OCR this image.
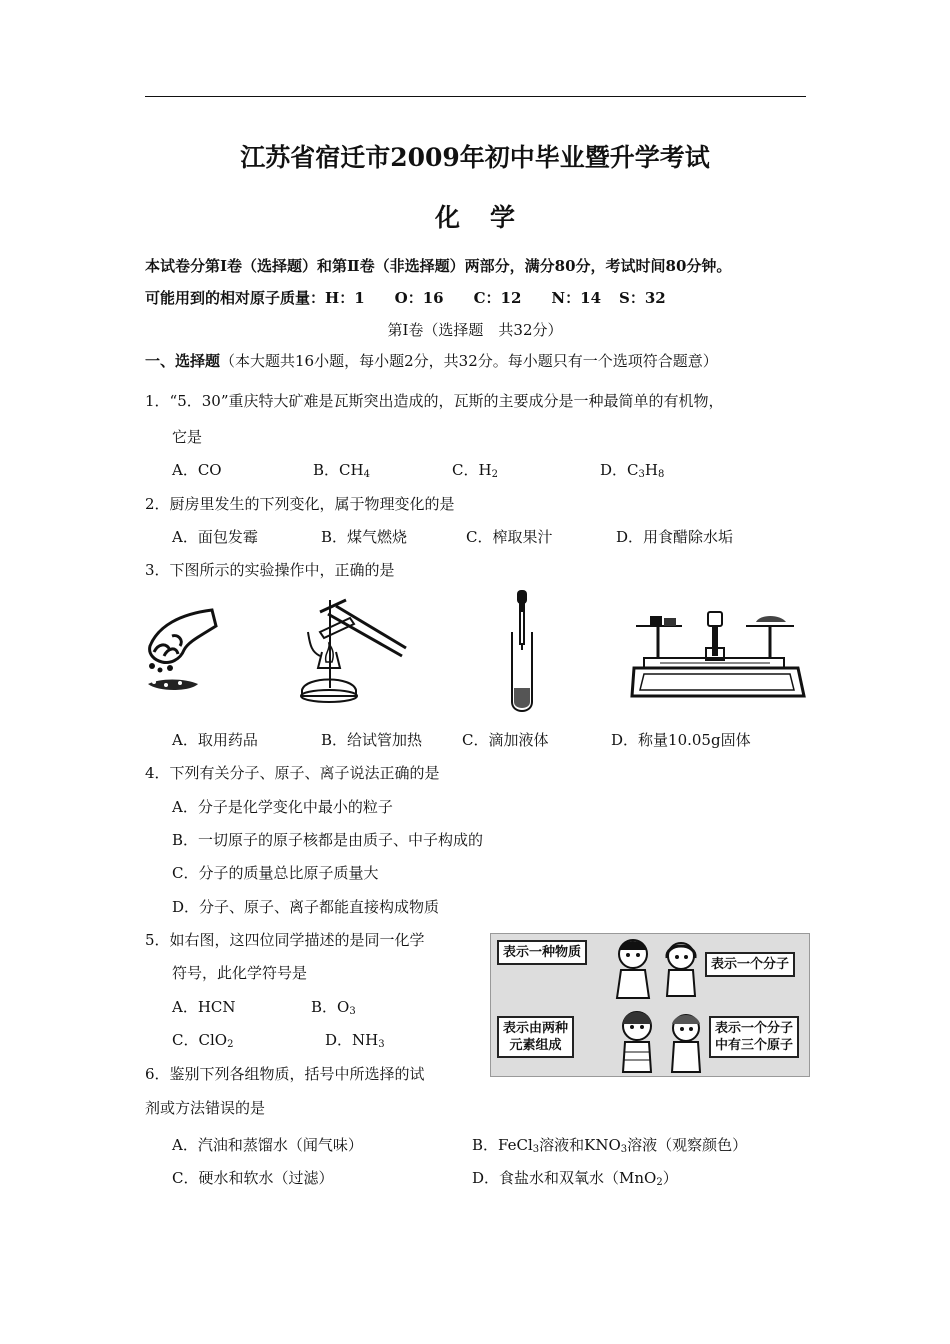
江苏省宿迁市2009年初中毕业暨升学考试
化学
本试卷分第Ⅰ卷（选择题）和第Ⅱ卷（非选择题）两部分，满分80分，考试时间80分钟。
可能用到的相对原子质量：H：1 O：16 C：12 N：14 S：32
第Ⅰ卷（选择题　共32分）
一、选择题（本大题共16小题，每小题2分，共32分。每小题只有一个选项符合题意）
1．“5．30”重庆特大矿难是瓦斯突出造成的，瓦斯的主要成分是一种最简单的有机物，
它是
A．CO	B．$CH_4$	C．$H_2$	D．$C_3H_8$
2．厨房里发生的下列变化，属于物理变化的是
A．面包发霉	B．煤气燃烧	C．榨取果汁	D．用食醋除水垢
3．下图所示的实验操作中，正确的是
A．取用药品	B．给试管加热	C．滴加液体	D．称量10.05g固体
4．下列有关分子、原子、离子说法正确的是
A．分子是化学变化中最小的粒子
B．一切原子的原子核都是由质子、中子构成的
C．分子的质量总比原子质量大
D．分子、原子、离子都能直接构成物质
5．如右图，这四位同学描述的是同一化学
符号，此化学符号是
A．HCN	B．$O_3$
C．ClO$_2$	D．$NH_3$
表示一种物质
表示一个分子
表示由两种
元素组成
表示一个分子
中有三个原子
6．鉴别下列各组物质，括号中所选择的试
剂或方法错误的是
A．汽油和蒸馏水（闻气味）	B．FeCl$_3$溶液和$KNO_3$溶液（观察颜色）
C．硬水和软水（过滤）	D．食盐水和双氧水（MnO$_2$）
